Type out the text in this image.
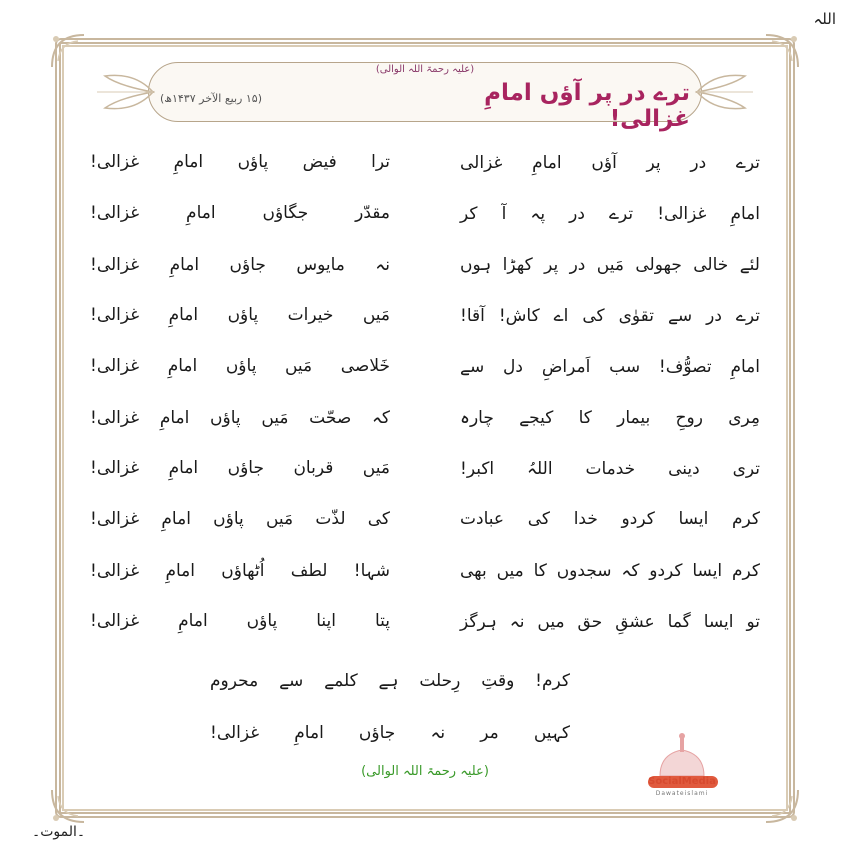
اللہ
۔الموت۔
(علیہ رحمۃ اللہ الوالی)
ترے در پر آؤں امامِ غزالی!
(۱۵ ربیع الآخر ۱۴۳۷ھ)
ترے در پر آؤں امامِ غزالی
ترا فیض پاؤں امامِ غزالی!
امامِ غزالی! ترے در پہ آ کر
مقدّر جگاؤں امامِ غزالی!
لئے خالی جھولی مَیں در پر کھڑا ہوں
نہ مایوس جاؤں امامِ غزالی!
ترے در سے تقوٰی کی اے کاش! آقا!
مَیں خیرات پاؤں امامِ غزالی!
امامِ تصوُّف! سب اَمراضِ دل سے
خَلاصی مَیں پاؤں امامِ غزالی!
مِری روحِ بیمار کا کیجے چارہ
کہ صحّت مَیں پاؤں امامِ غزالی!
تری دینی خدمات اللہُ اکبر!
مَیں قربان جاؤں امامِ غزالی!
کرم ایسا کردو خدا کی عبادت
کی لذّت مَیں پاؤں امامِ غزالی!
کرم ایسا کردو کہ سجدوں کا میں بھی
شہا! لطف اُٹھاؤں امامِ غزالی!
تو ایسا گما عشقِ حق میں نہ ہرگز
پتا اپنا پاؤں امامِ غزالی!
کرم! وقتِ رِحلت ہے کلمے سے محروم
کہیں مر نہ جاؤں امامِ غزالی!
(علیہ رحمۃ اللہ الوالی)
SocialMedia
Dawateislami
